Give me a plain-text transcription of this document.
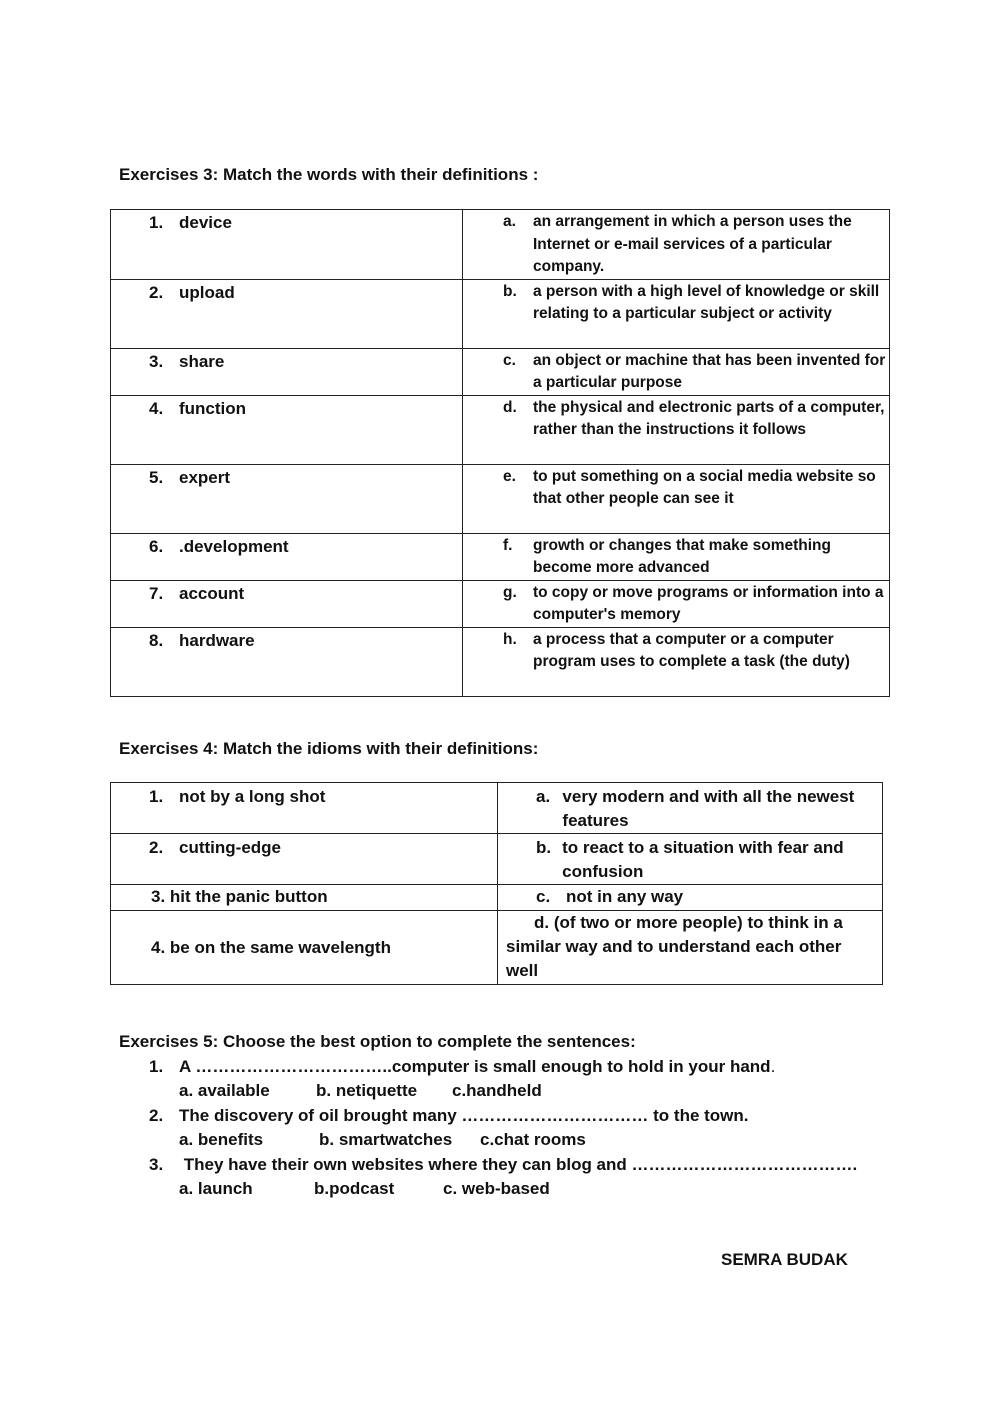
Exercises 3: Match the words with their definitions :
1. device	a. an arrangement in which a person uses the Internet or e-mail services of a particular company.

2. upload	b. a person with a high level of knowledge or skill relating to a particular subject or activity

3. share	c. an object or machine that has been invented for a particular purpose

4. function	d. the physical and electronic parts of a computer, rather than the instructions it follows

5. expert	e. to put something on a social media website so that other people can see it

6. .development	f. growth or changes that make something become more advanced

7. account	g. to copy or move programs or information into a computer's memory

8. hardware	h. a process that a computer or a computer program uses to complete a task (the duty)
Exercises 4: Match the idioms with their definitions:
1. not by a long shot	a. very modern and with all the newest features

2. cutting-edge	b. to react to a situation with fear and confusion

3. hit the panic button	c. not in any way

4. be on the same wavelength	d. (of two or more people) to think in a similar way and to understand each other well
Exercises 5: Choose the best option to complete the sentences:
1. A ……………………………..computer is small enough to hold in your hand .
a. available	b. netiquette	c.handheld
2. The discovery of oil brought many …………………………… to the town.
a. benefits	b. smartwatches	c.chat rooms
3. They have their own websites where they can blog and ………………………………….
a. launch	b.podcast	c. web-based
SEMRA BUDAK
